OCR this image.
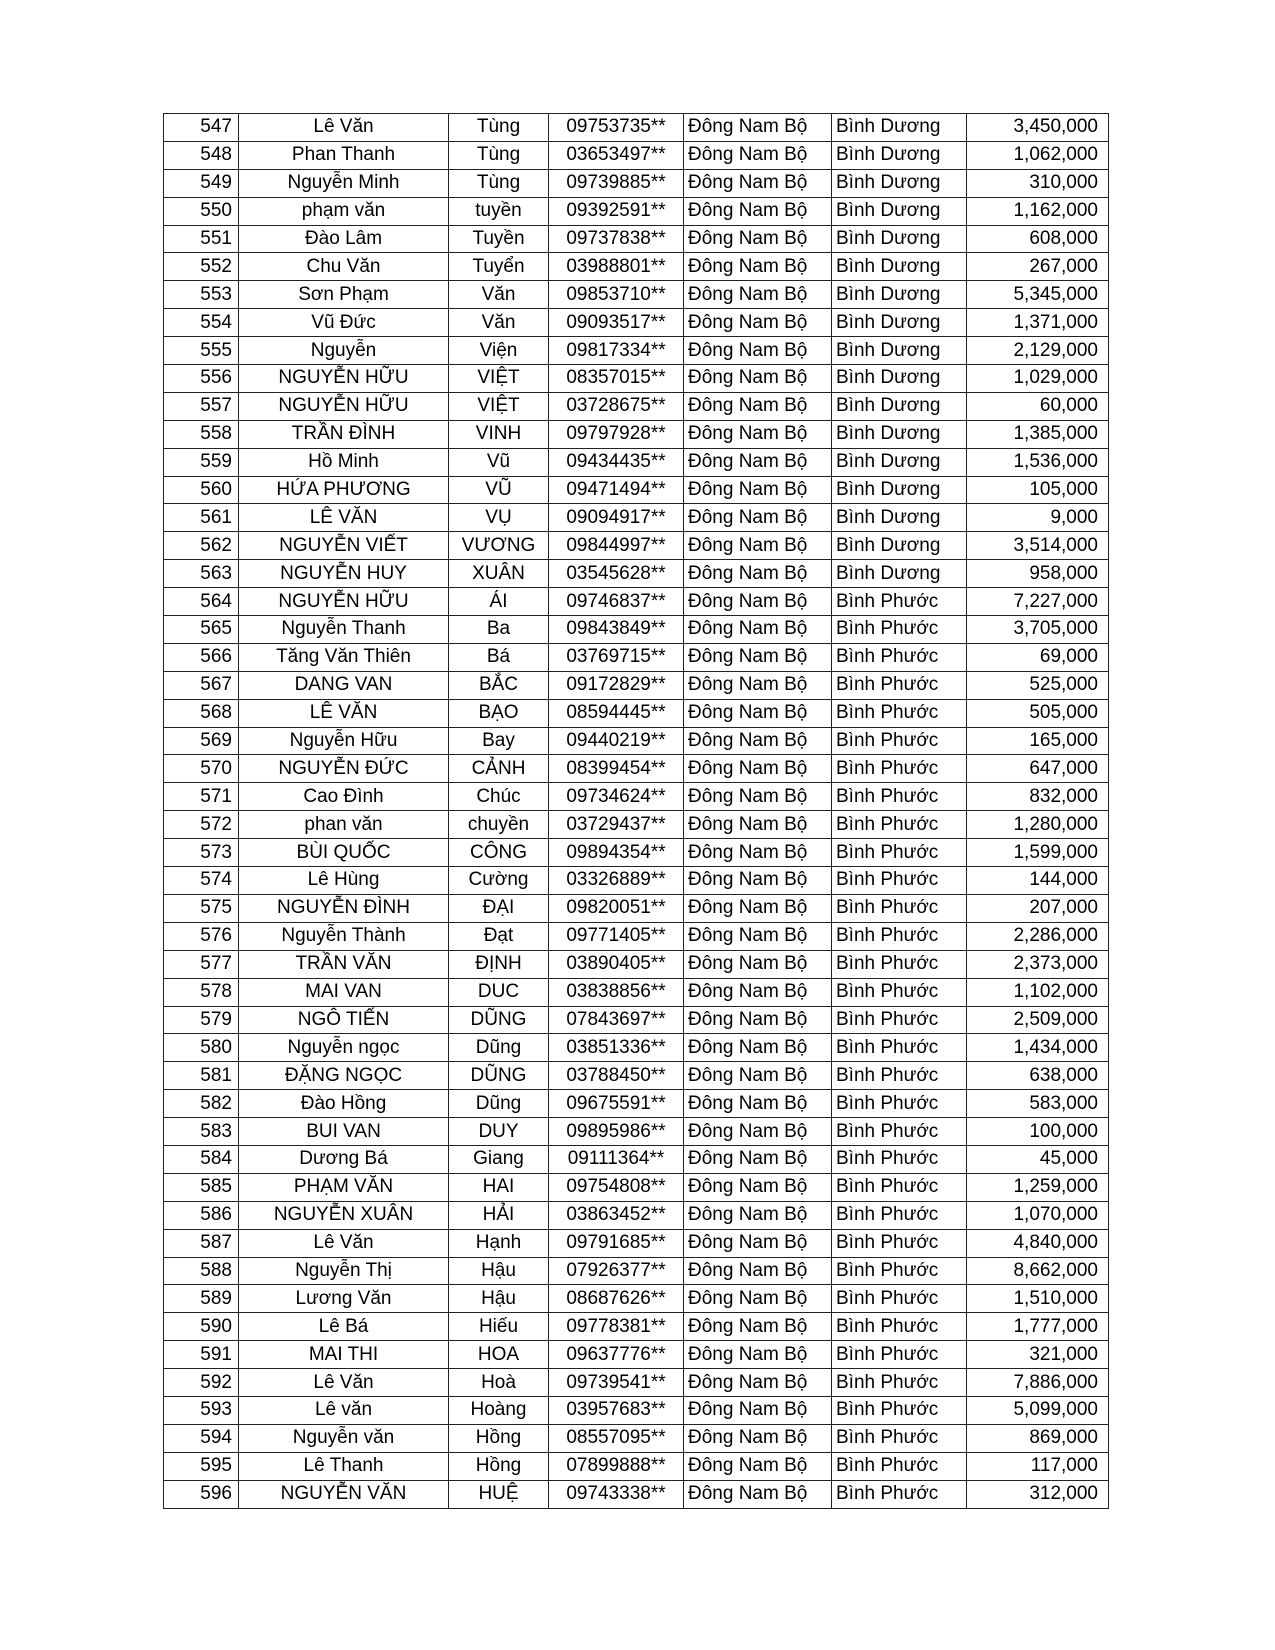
547	Lê Văn	Tùng	09753735**	Đông Nam Bộ	Bình Dương	3,450,000
548	Phan Thanh	Tùng	03653497**	Đông Nam Bộ	Bình Dương	1,062,000
549	Nguyễn Minh	Tùng	09739885**	Đông Nam Bộ	Bình Dương	310,000
550	phạm văn	tuyền	09392591**	Đông Nam Bộ	Bình Dương	1,162,000
551	Đào Lâm	Tuyền	09737838**	Đông Nam Bộ	Bình Dương	608,000
552	Chu Văn	Tuyển	03988801**	Đông Nam Bộ	Bình Dương	267,000
553	Sơn Phạm	Văn	09853710**	Đông Nam Bộ	Bình Dương	5,345,000
554	Vũ Đức	Văn	09093517**	Đông Nam Bộ	Bình Dương	1,371,000
555	Nguyễn	Viện	09817334**	Đông Nam Bộ	Bình Dương	2,129,000
556	NGUYỄN HỮU	VIỆT	08357015**	Đông Nam Bộ	Bình Dương	1,029,000
557	NGUYỄN HỮU	VIỆT	03728675**	Đông Nam Bộ	Bình Dương	60,000
558	TRẦN ĐÌNH	VINH	09797928**	Đông Nam Bộ	Bình Dương	1,385,000
559	Hồ Minh	Vũ	09434435**	Đông Nam Bộ	Bình Dương	1,536,000
560	HỨA PHƯƠNG	VŨ	09471494**	Đông Nam Bộ	Bình Dương	105,000
561	LÊ VĂN	VỤ	09094917**	Đông Nam Bộ	Bình Dương	9,000
562	NGUYỄN VIẾT	VƯƠNG	09844997**	Đông Nam Bộ	Bình Dương	3,514,000
563	NGUYỄN HUY	XUÂN	03545628**	Đông Nam Bộ	Bình Dương	958,000
564	NGUYỄN HỮU	ÁI	09746837**	Đông Nam Bộ	Bình Phước	7,227,000
565	Nguyễn Thanh	Ba	09843849**	Đông Nam Bộ	Bình Phước	3,705,000
566	Tăng Văn Thiên	Bá	03769715**	Đông Nam Bộ	Bình Phước	69,000
567	DANG VAN	BẮC	09172829**	Đông Nam Bộ	Bình Phước	525,000
568	LÊ VĂN	BẠO	08594445**	Đông Nam Bộ	Bình Phước	505,000
569	Nguyễn Hữu	Bay	09440219**	Đông Nam Bộ	Bình Phước	165,000
570	NGUYỄN ĐỨC	CẢNH	08399454**	Đông Nam Bộ	Bình Phước	647,000
571	Cao Đình	Chúc	09734624**	Đông Nam Bộ	Bình Phước	832,000
572	phan văn	chuyền	03729437**	Đông Nam Bộ	Bình Phước	1,280,000
573	BÙI QUỐC	CÔNG	09894354**	Đông Nam Bộ	Bình Phước	1,599,000
574	Lê Hùng	Cường	03326889**	Đông Nam Bộ	Bình Phước	144,000
575	NGUYỄN ĐÌNH	ĐẠI	09820051**	Đông Nam Bộ	Bình Phước	207,000
576	Nguyễn Thành	Đạt	09771405**	Đông Nam Bộ	Bình Phước	2,286,000
577	TRẦN VĂN	ĐỊNH	03890405**	Đông Nam Bộ	Bình Phước	2,373,000
578	MAI VAN	DUC	03838856**	Đông Nam Bộ	Bình Phước	1,102,000
579	NGÔ TIẾN	DŨNG	07843697**	Đông Nam Bộ	Bình Phước	2,509,000
580	Nguyễn ngọc	Dũng	03851336**	Đông Nam Bộ	Bình Phước	1,434,000
581	ĐẶNG NGỌC	DŨNG	03788450**	Đông Nam Bộ	Bình Phước	638,000
582	Đào Hồng	Dũng	09675591**	Đông Nam Bộ	Bình Phước	583,000
583	BUI VAN	DUY	09895986**	Đông Nam Bộ	Bình Phước	100,000
584	Dương Bá	Giang	09111364**	Đông Nam Bộ	Bình Phước	45,000
585	PHẠM VĂN	HAI	09754808**	Đông Nam Bộ	Bình Phước	1,259,000
586	NGUYỄN XUÂN	HẢI	03863452**	Đông Nam Bộ	Bình Phước	1,070,000
587	Lê Văn	Hạnh	09791685**	Đông Nam Bộ	Bình Phước	4,840,000
588	Nguyễn Thị	Hậu	07926377**	Đông Nam Bộ	Bình Phước	8,662,000
589	Lương Văn	Hậu	08687626**	Đông Nam Bộ	Bình Phước	1,510,000
590	Lê Bá	Hiếu	09778381**	Đông Nam Bộ	Bình Phước	1,777,000
591	MAI THI	HOA	09637776**	Đông Nam Bộ	Bình Phước	321,000
592	Lê Văn	Hoà	09739541**	Đông Nam Bộ	Bình Phước	7,886,000
593	Lê văn	Hoàng	03957683**	Đông Nam Bộ	Bình Phước	5,099,000
594	Nguyễn văn	Hồng	08557095**	Đông Nam Bộ	Bình Phước	869,000
595	Lê Thanh	Hồng	07899888**	Đông Nam Bộ	Bình Phước	117,000
596	NGUYỄN VĂN	HUỆ	09743338**	Đông Nam Bộ	Bình Phước	312,000
